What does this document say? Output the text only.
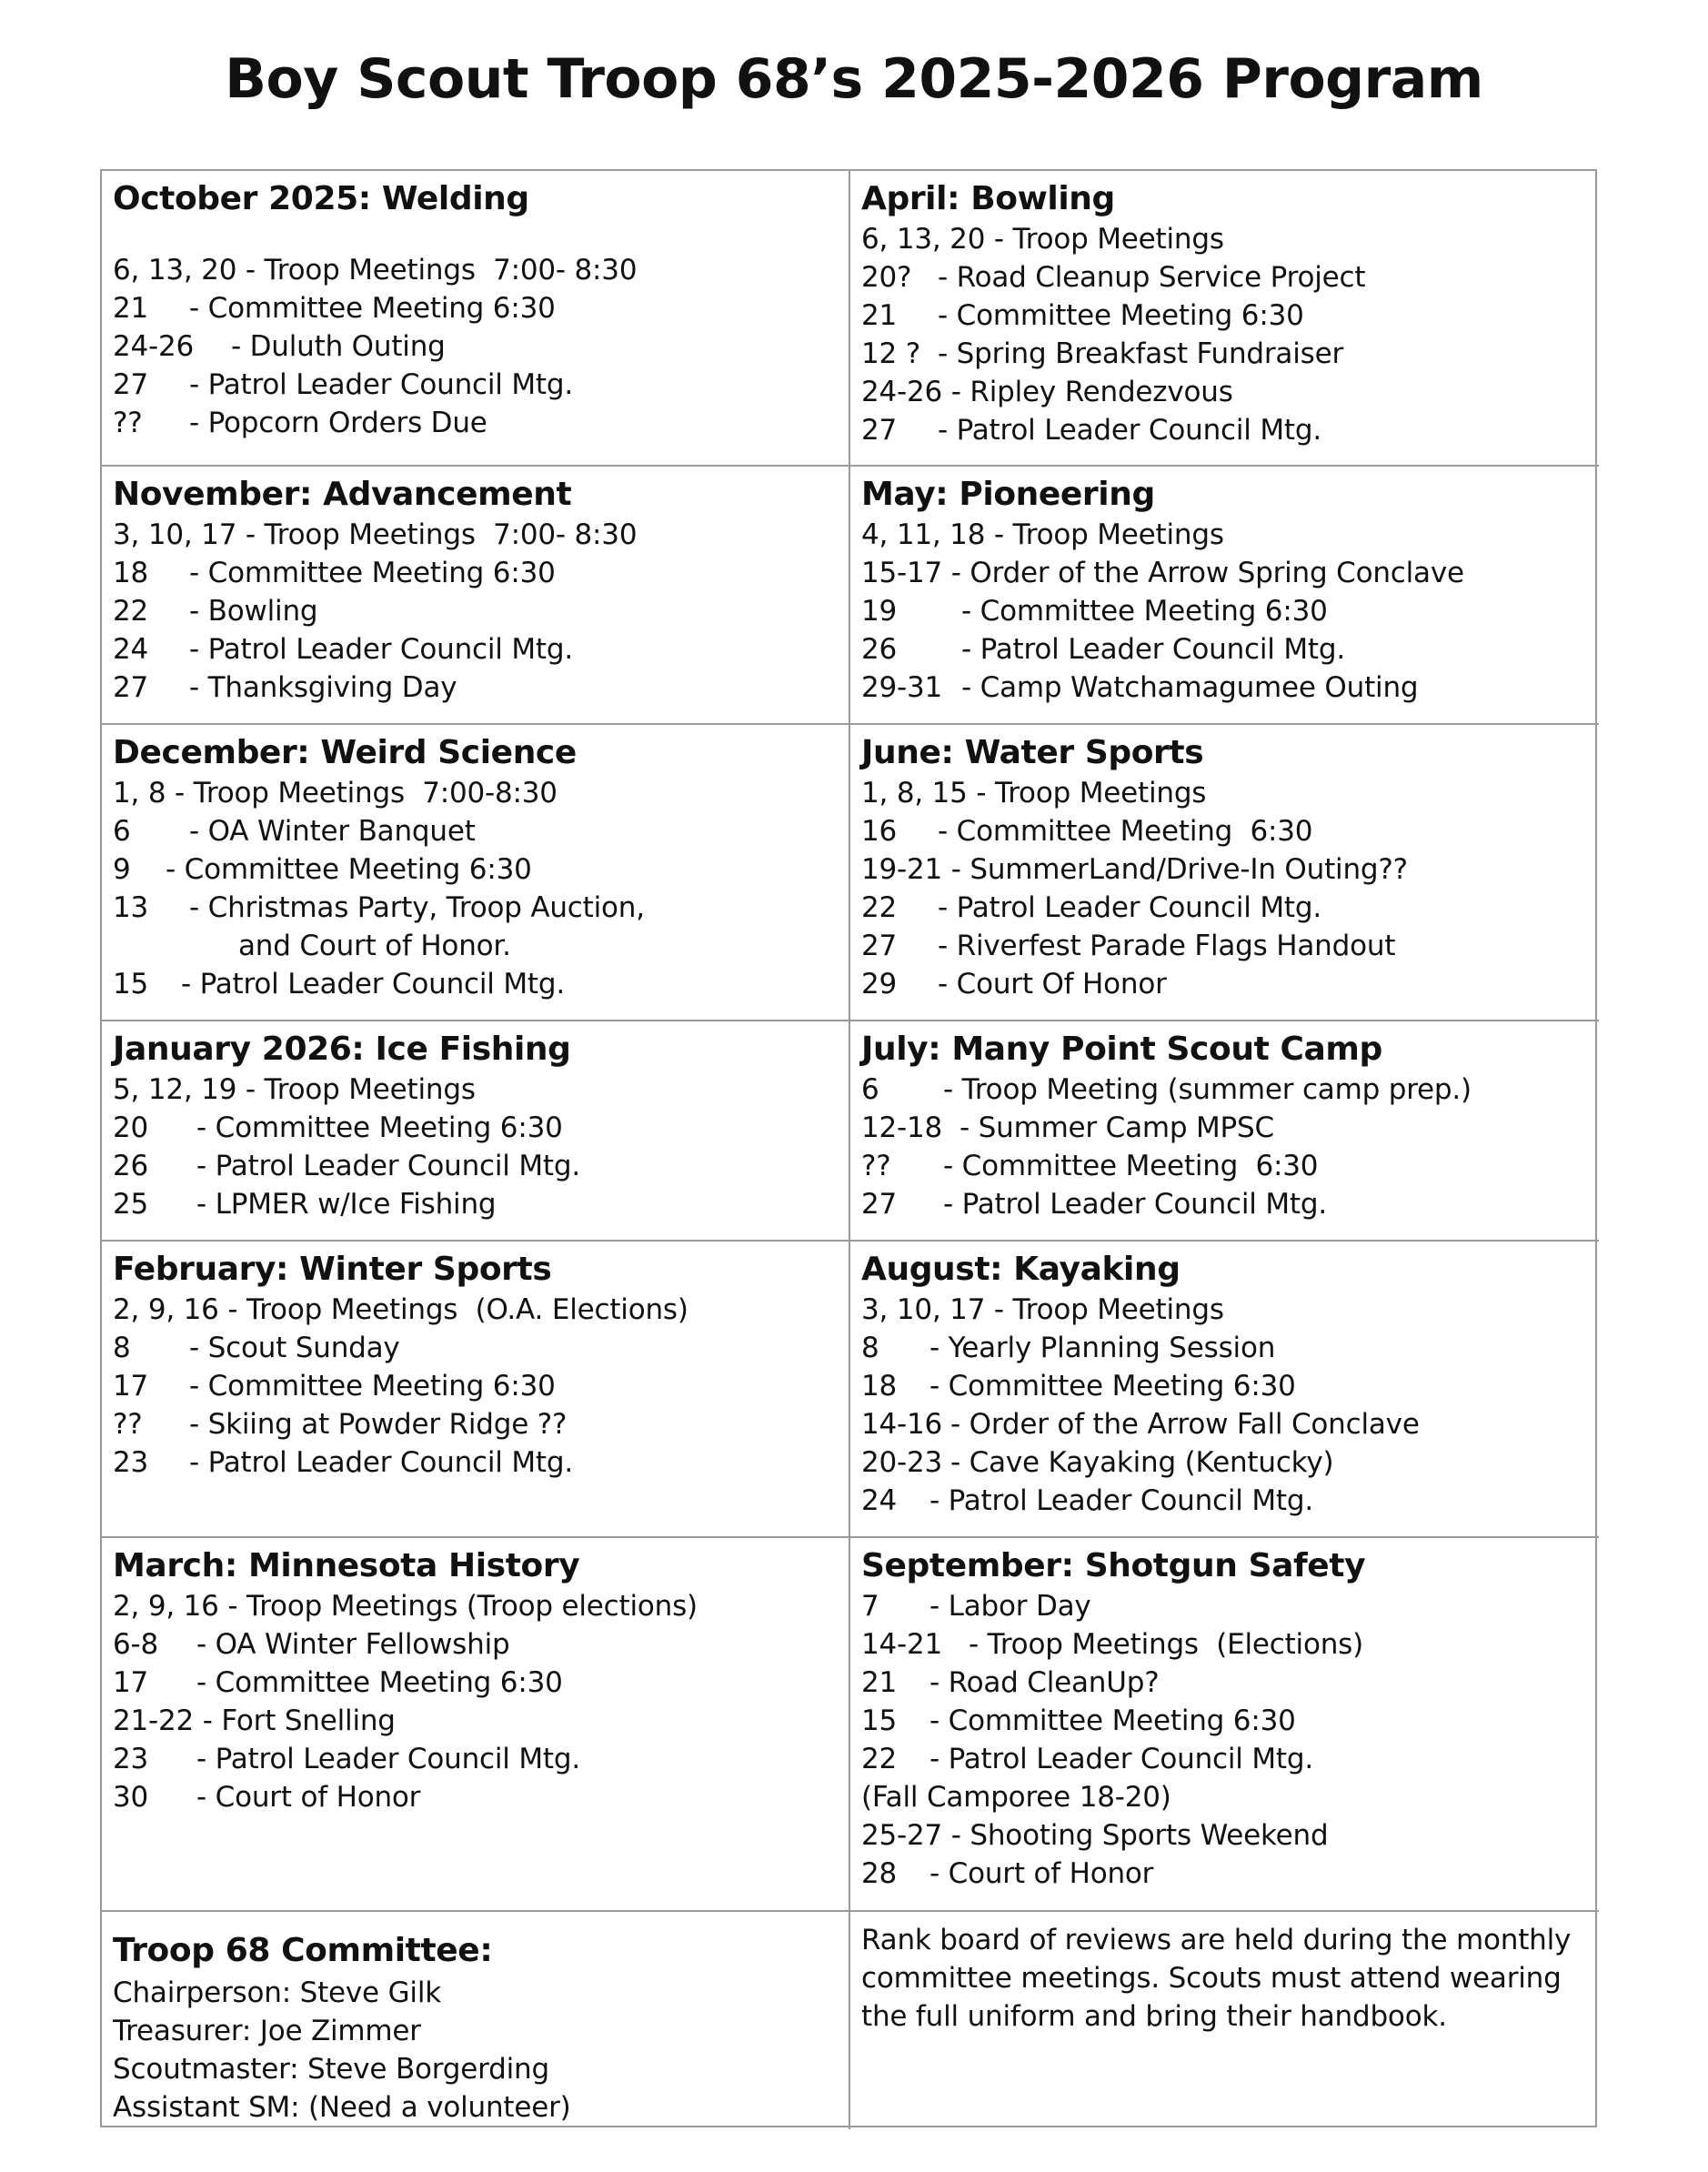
Boy Scout Troop 68’s 2025-2026 Program
October 2025: Welding
6, 13, 20 - Troop Meetings  7:00- 8:30
21	- Committee Meeting 6:30
24-26	- Duluth Outing
27	- Patrol Leader Council Mtg.
??	- Popcorn Orders Due
April: Bowling
6, 13, 20 - Troop Meetings
20? - Road Cleanup Service Project
21	- Committee Meeting 6:30
12 ? - Spring Breakfast Fundraiser
24-26 - Ripley Rendezvous
27	- Patrol Leader Council Mtg.
November: Advancement
3, 10, 17 - Troop Meetings  7:00- 8:30
18	- Committee Meeting 6:30
22	- Bowling
24	- Patrol Leader Council Mtg.
27	- Thanksgiving Day
May: Pioneering
4, 11, 18 - Troop Meetings
15-17 - Order of the Arrow Spring Conclave
19	- Committee Meeting 6:30
26	- Patrol Leader Council Mtg.
29-31 - Camp Watchamagumee Outing
December: Weird Science
1, 8 - Troop Meetings  7:00-8:30
6	- OA Winter Banquet
9	- Committee Meeting 6:30
13	- Christmas Party, Troop Auction,
and Court of Honor.
15	- Patrol Leader Council Mtg.
June: Water Sports
1, 8, 15 - Troop Meetings
16	- Committee Meeting  6:30
19-21 - SummerLand/Drive-In Outing??
22	- Patrol Leader Council Mtg.
27	- Riverfest Parade Flags Handout
29	- Court Of Honor
January 2026: Ice Fishing
5, 12, 19 - Troop Meetings
20	- Committee Meeting 6:30
26	- Patrol Leader Council Mtg.
25	- LPMER w/Ice Fishing
July: Many Point Scout Camp
6	- Troop Meeting (summer camp prep.)
12-18 - Summer Camp MPSC
??	- Committee Meeting  6:30
27	- Patrol Leader Council Mtg.
February: Winter Sports
2, 9, 16 - Troop Meetings  (O.A. Elections)
8	- Scout Sunday
17	- Committee Meeting 6:30
??	- Skiing at Powder Ridge ??
23	- Patrol Leader Council Mtg.
August: Kayaking
3, 10, 17 - Troop Meetings
8	- Yearly Planning Session
18	- Committee Meeting 6:30
14-16 - Order of the Arrow Fall Conclave
20-23 - Cave Kayaking (Kentucky)
24	- Patrol Leader Council Mtg.
March: Minnesota History
2, 9, 16 - Troop Meetings (Troop elections)
6-8	- OA Winter Fellowship
17	- Committee Meeting 6:30
21-22 - Fort Snelling
23	- Patrol Leader Council Mtg.
30	- Court of Honor
September: Shotgun Safety
7	- Labor Day
14-21 - Troop Meetings  (Elections)
21	- Road CleanUp?
15	- Committee Meeting 6:30
22	- Patrol Leader Council Mtg.
(Fall Camporee 18-20)
25-27 - Shooting Sports Weekend
28	- Court of Honor
Troop 68 Committee:
Chairperson: Steve Gilk
Treasurer: Joe Zimmer
Scoutmaster: Steve Borgerding
Assistant SM: (Need a volunteer)
Rank board of reviews are held during the monthly committee meetings. Scouts must attend wearing the full uniform and bring their handbook.
